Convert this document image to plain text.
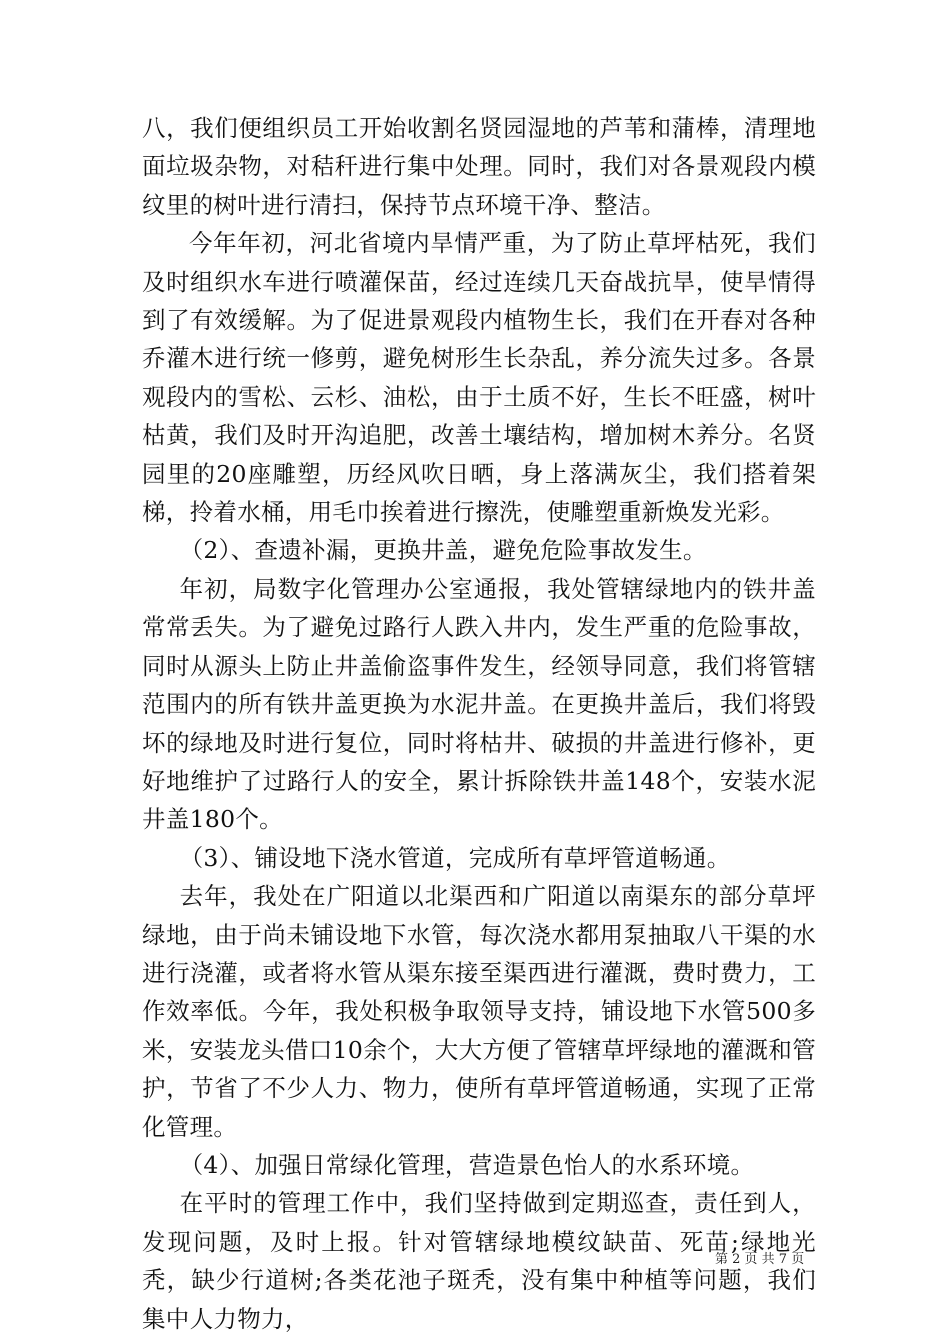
八，我们便组织员工开始收割名贤园湿地的芦苇和蒲棒，清理地面垃圾杂物，对秸秆进行集中处理。同时，我们对各景观段内模纹里的树叶进行清扫，保持节点环境干净、整洁。

今年年初，河北省境内旱情严重，为了防止草坪枯死，我们及时组织水车进行喷灌保苗，经过连续几天奋战抗旱，使旱情得到了有效缓解。为了促进景观段内植物生长，我们在开春对各种乔灌木进行统一修剪，避免树形生长杂乱，养分流失过多。各景观段内的雪松、云杉、油松，由于土质不好，生长不旺盛，树叶枯黄，我们及时开沟追肥，改善土壤结构，增加树木养分。名贤园里的20座雕塑，历经风吹日晒，身上落满灰尘，我们搭着架梯，拎着水桶，用毛巾挨着进行擦洗，使雕塑重新焕发光彩。

（2）、查遗补漏，更换井盖，避免危险事故发生。

年初，局数字化管理办公室通报，我处管辖绿地内的铁井盖常常丢失。为了避免过路行人跌入井内，发生严重的危险事故，同时从源头上防止井盖偷盗事件发生，经领导同意，我们将管辖范围内的所有铁井盖更换为水泥井盖。在更换井盖后，我们将毁坏的绿地及时进行复位，同时将枯井、破损的井盖进行修补，更好地维护了过路行人的安全，累计拆除铁井盖148个，安装水泥井盖180个。

（3）、铺设地下浇水管道，完成所有草坪管道畅通。

去年，我处在广阳道以北渠西和广阳道以南渠东的部分草坪绿地，由于尚未铺设地下水管，每次浇水都用泵抽取八干渠的水进行浇灌，或者将水管从渠东接至渠西进行灌溉，费时费力，工作效率低。今年，我处积极争取领导支持，铺设地下水管500多米，安装龙头借口10余个，大大方便了管辖草坪绿地的灌溉和管护，节省了不少人力、物力，使所有草坪管道畅通，实现了正常化管理。

（4）、加强日常绿化管理，营造景色怡人的水系环境。

在平时的管理工作中，我们坚持做到定期巡查，责任到人，发现问题，及时上报。针对管辖绿地模纹缺苗、死苗;绿地光秃，缺少行道树;各类花池子斑秃，没有集中种植等问题，我们集中人力物力，

第 2 页 共 7 页
